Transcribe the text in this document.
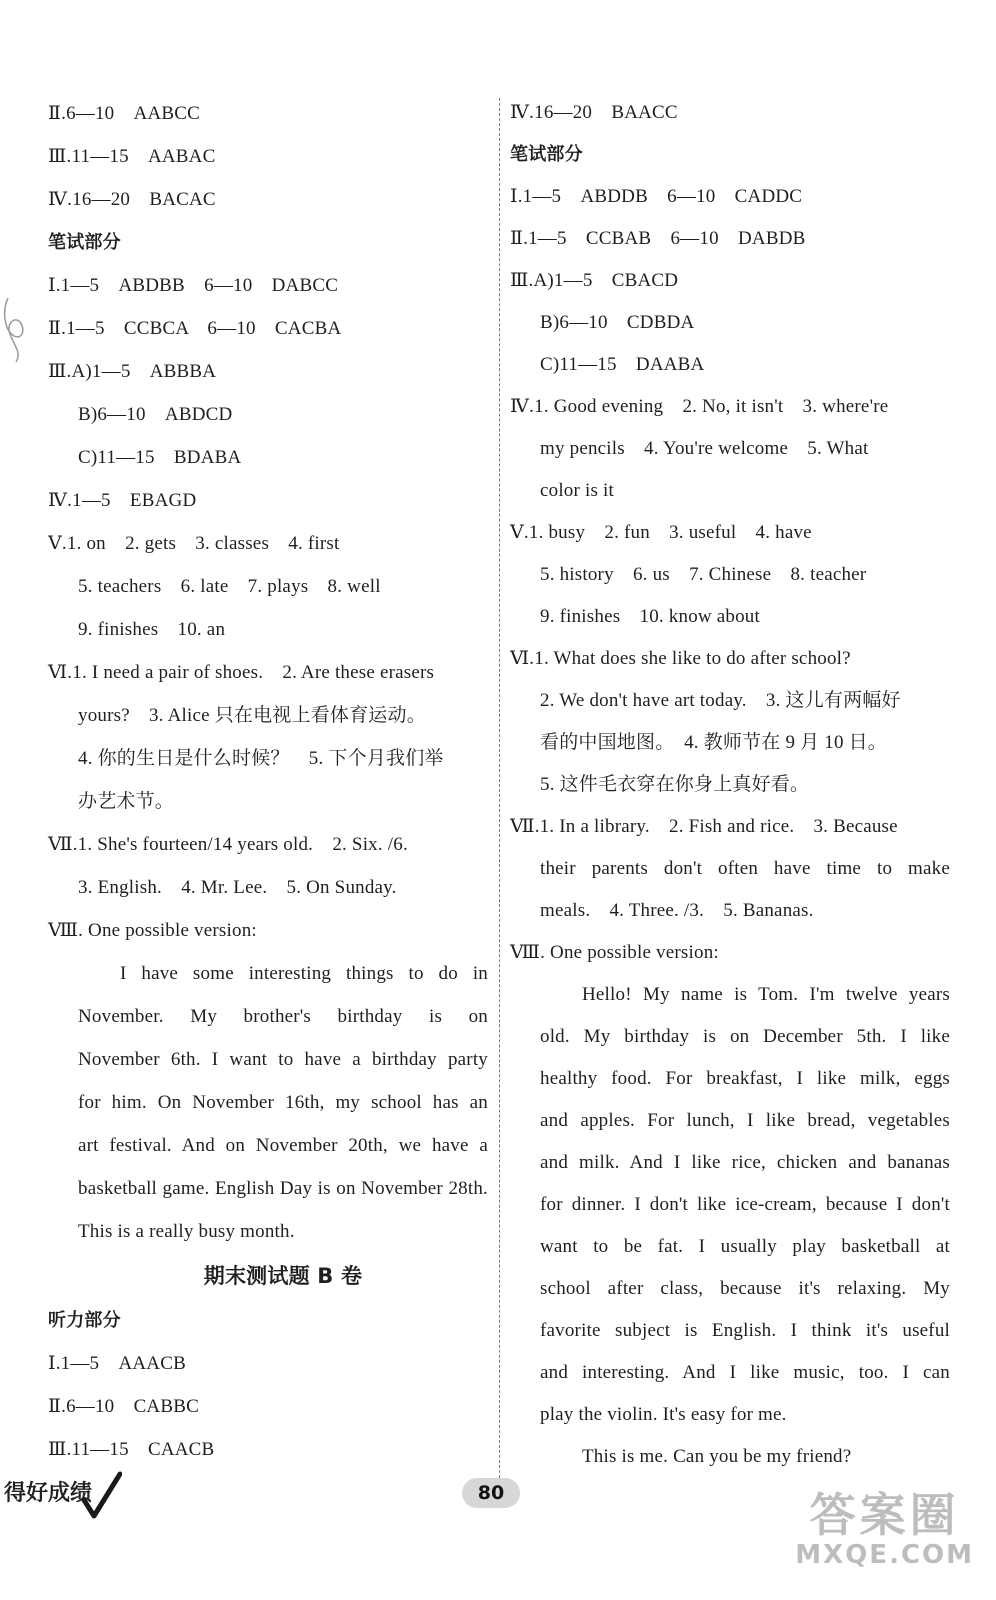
Ⅱ.6—10　AABCC
Ⅲ.11—15　AABAC
Ⅳ.16—20　BACAC
笔试部分
Ⅰ.1—5　ABDBB　6—10　DABCC
Ⅱ.1—5　CCBCA　6—10　CACBA
Ⅲ.A)1—5　ABBBA
B)6—10　ABDCD
C)11—15　BDABA
Ⅳ.1—5　EBAGD
Ⅴ.1. on　2. gets　3. classes　4. first
5. teachers　6. late　7. plays　8. well
9. finishes　10. an
Ⅵ.1. I need a pair of shoes.　2. Are these erasers
yours?　3. Alice 只在电视上看体育运动。
4. 你的生日是什么时候？　5. 下个月我们举
办艺术节。
Ⅶ.1. She's fourteen/14 years old.　2. Six. /6.
3. English.　4. Mr. Lee.　5. On Sunday.
Ⅷ. One possible version:
I have some interesting things to do in
November. My brother's birthday is on
November 6th. I want to have a birthday party
for him. On November 16th, my school has an
art festival. And on November 20th, we have a
basketball game. English Day is on November 28th.
This is a really busy month.
期末测试题 B 卷
听力部分
Ⅰ.1—5　AAACB
Ⅱ.6—10　CABBC
Ⅲ.11—15　CAACB
Ⅳ.16—20　BAACC
笔试部分
Ⅰ.1—5　ABDDB　6—10　CADDC
Ⅱ.1—5　CCBAB　6—10　DABDB
Ⅲ.A)1—5　CBACD
B)6—10　CDBDA
C)11—15　DAABA
Ⅳ.1. Good evening　2. No, it isn't　3. where're
my pencils　4. You're welcome　5. What
color is it
Ⅴ.1. busy　2. fun　3. useful　4. have
5. history　6. us　7. Chinese　8. teacher
9. finishes　10. know about
Ⅵ.1. What does she like to do after school?
2. We don't have art today.　3. 这儿有两幅好
看的中国地图。　4. 教师节在 9 月 10 日。
5. 这件毛衣穿在你身上真好看。
Ⅶ.1. In a library.　2. Fish and rice.　3. Because
their parents don't often have time to make
meals.　4. Three. /3.　5. Bananas.
Ⅷ. One possible version:
Hello! My name is Tom. I'm twelve years
old. My birthday is on December 5th. I like
healthy food. For breakfast, I like milk, eggs
and apples. For lunch, I like bread, vegetables
and milk. And I like rice, chicken and bananas
for dinner. I don't like ice-cream, because I don't
want to be fat. I usually play basketball at
school after class, because it's relaxing. My
favorite subject is English. I think it's useful
and interesting. And I like music, too. I can
play the violin. It's easy for me.
This is me. Can you be my friend?
得好成绩	80	答案圈
MXQE.COM
